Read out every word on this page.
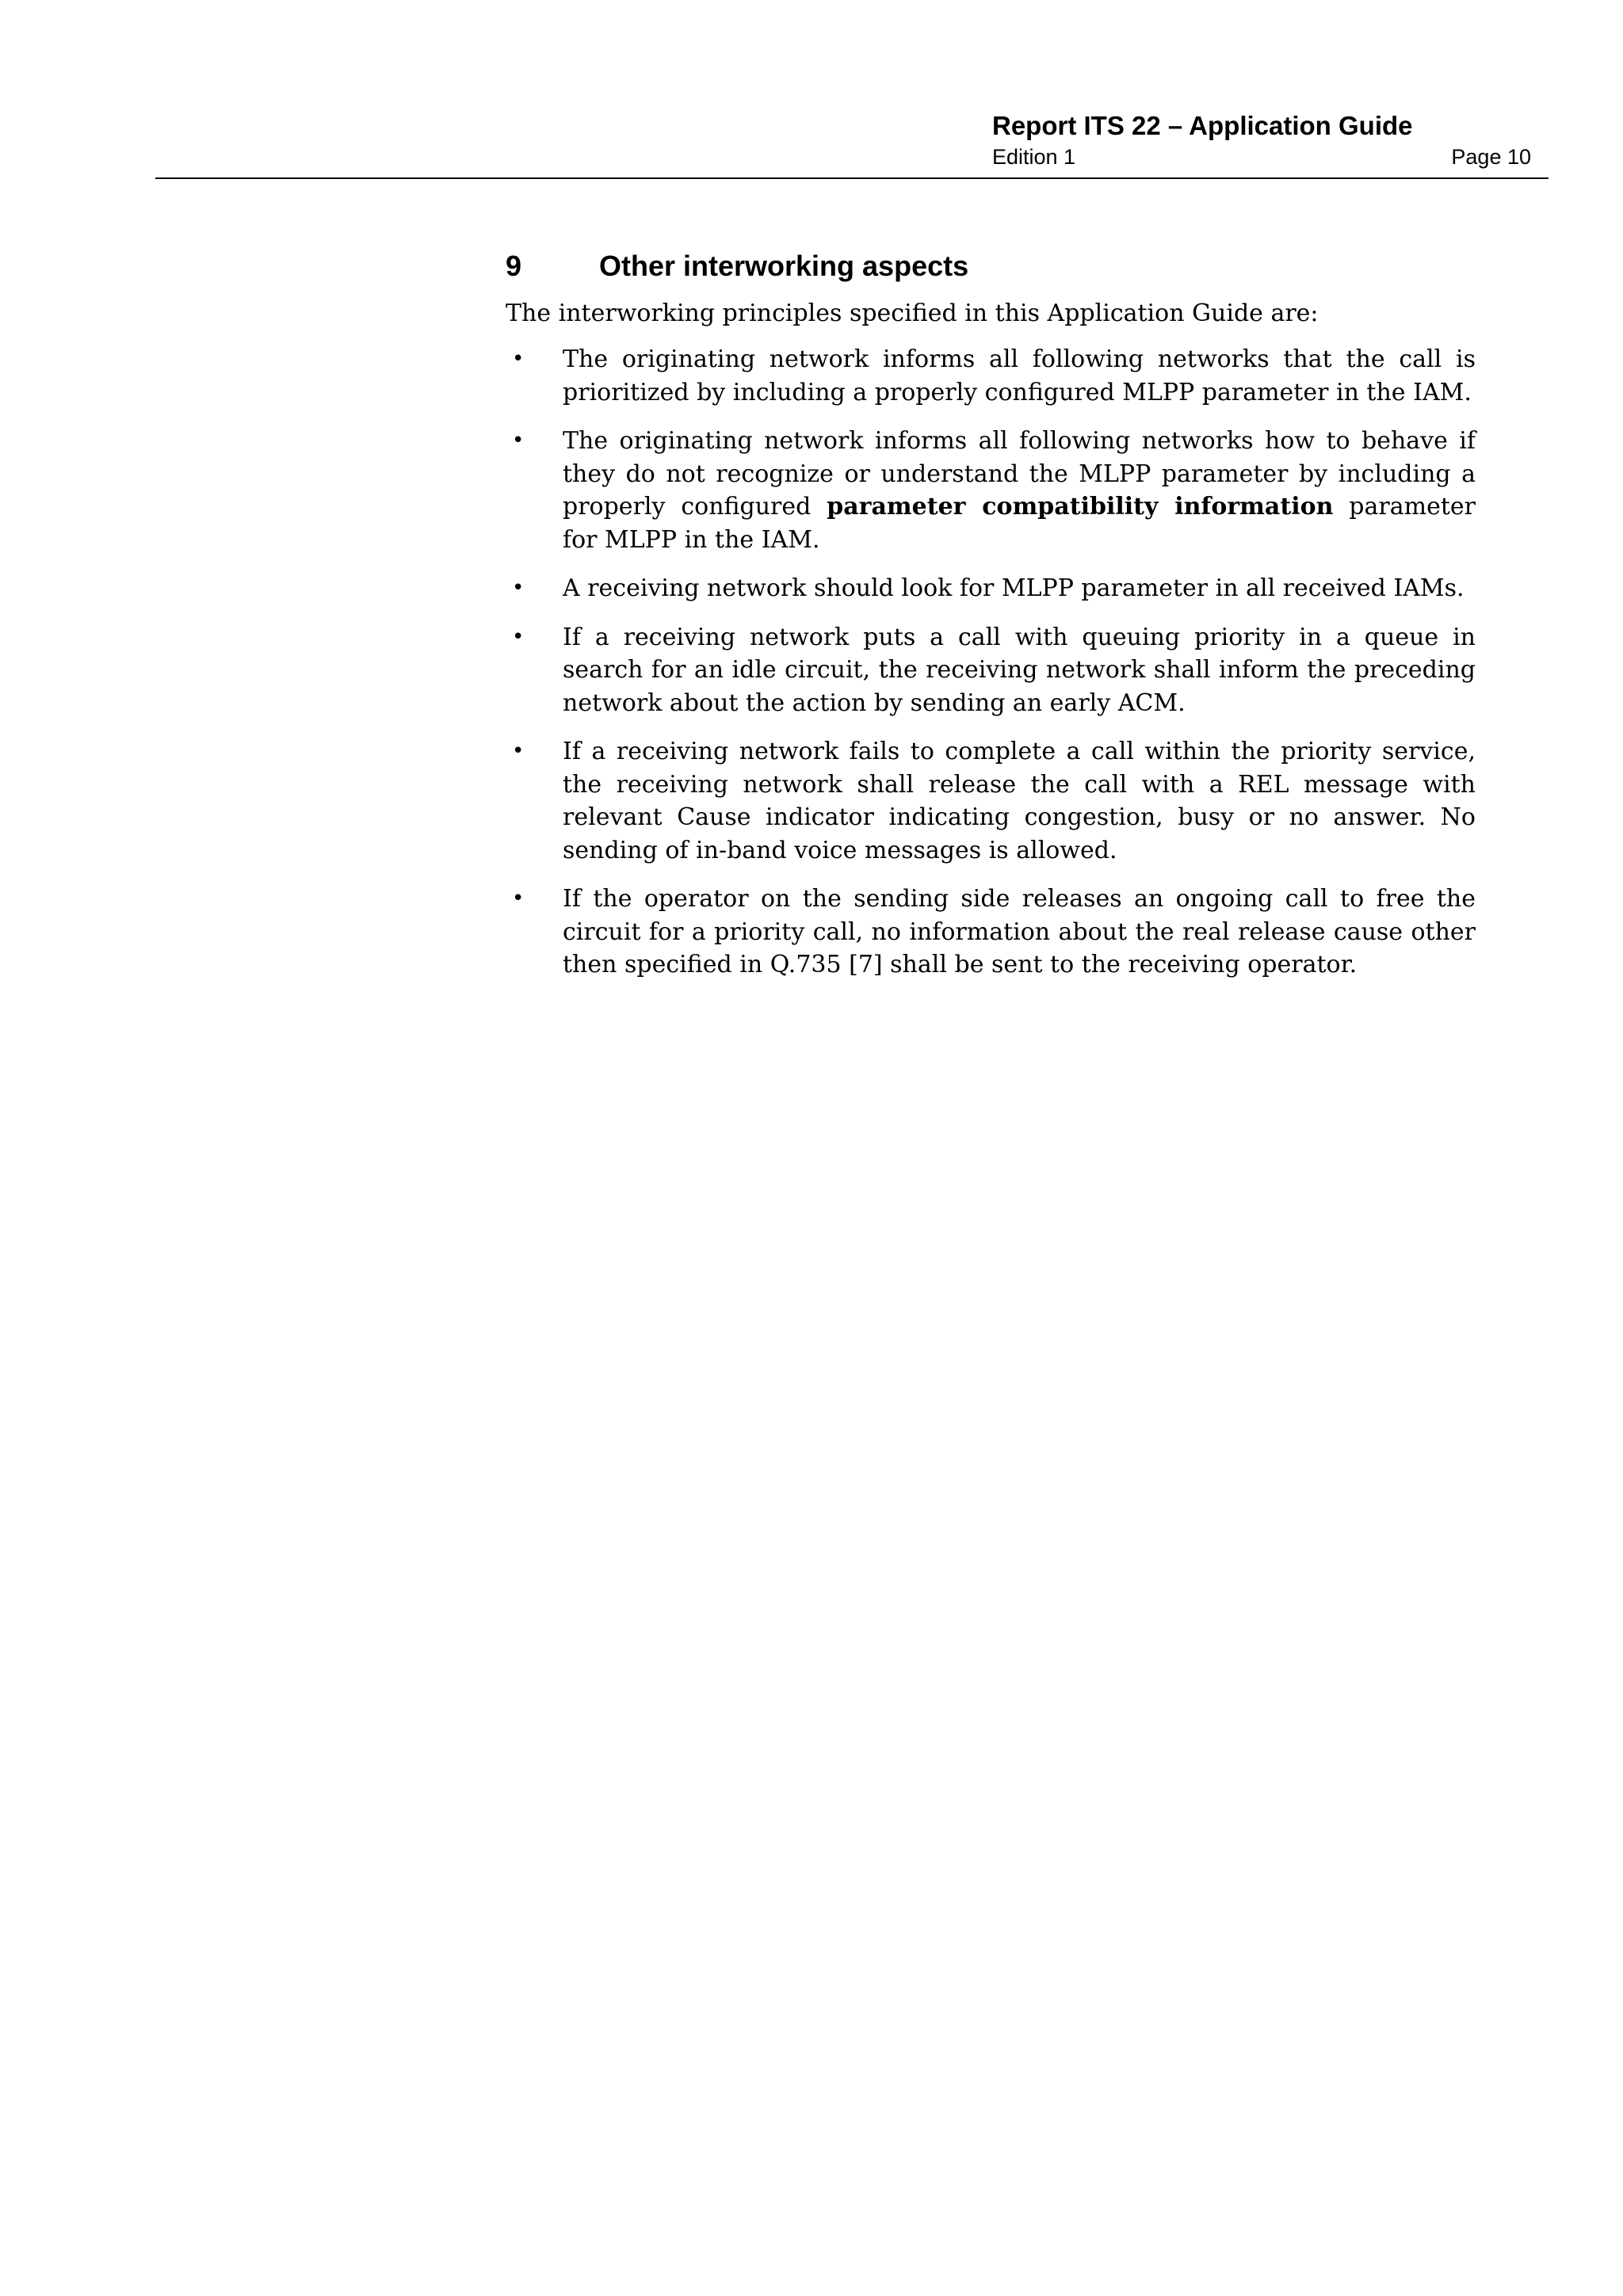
Report ITS 22 – Application Guide
Edition 1	Page 10
9	Other interworking aspects

The interworking principles specified in this Application Guide are:

• The originating network informs all following networks that the call is prioritized by including a properly configured MLPP parameter in the IAM.
• The originating network informs all following networks how to behave if they do not recognize or understand the MLPP parameter by including a properly configured parameter compatibility information parameter for MLPP in the IAM.
• A receiving network should look for MLPP parameter in all received IAMs.
• If a receiving network puts a call with queuing priority in a queue in search for an idle circuit, the receiving network shall inform the preceding network about the action by sending an early ACM.
• If a receiving network fails to complete a call within the priority service, the receiving network shall release the call with a REL message with relevant Cause indicator indicating congestion, busy or no answer. No sending of in-band voice messages is allowed.
• If the operator on the sending side releases an ongoing call to free the circuit for a priority call, no information about the real release cause other then specified in Q.735 [7] shall be sent to the receiving operator.
